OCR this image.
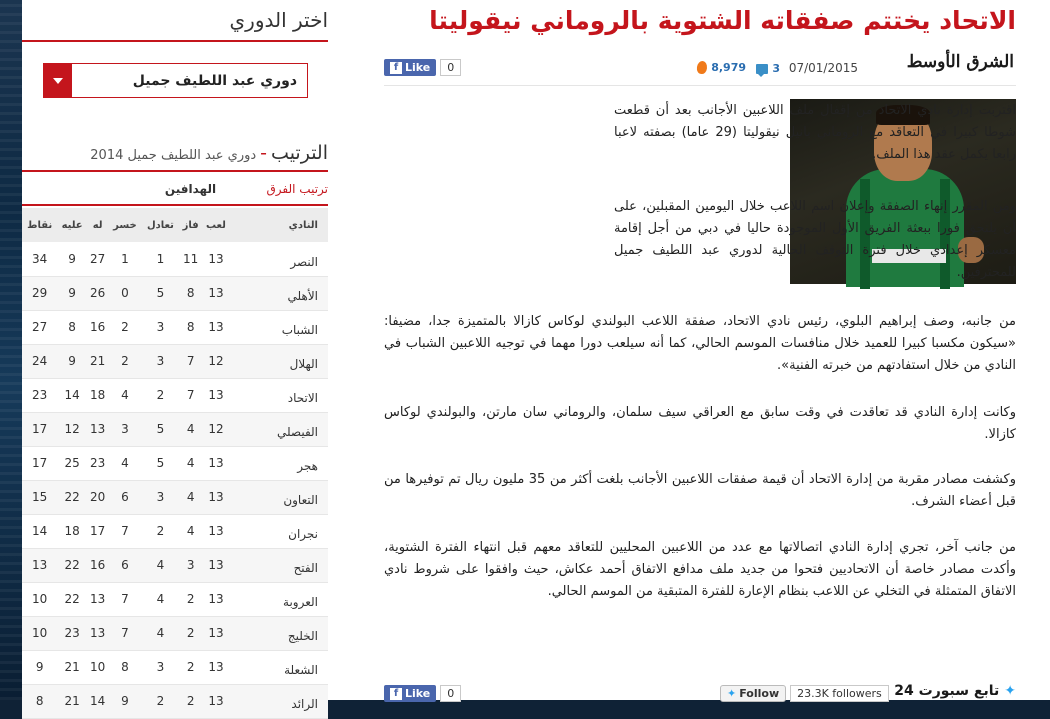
اختر الدوري
دوري عبد اللطيف جميل
الترتيب
-
دوري عبد اللطيف جميل 2014
ترتيب الفرق
الهدافين
النادي	لعب	فاز	تعادل	خسر	له	عليه	نقاط
النصر	13	11	1	1	27	9	34
الأهلي	13	8	5	0	26	9	29
الشباب	13	8	3	2	16	8	27
الهلال	12	7	3	2	21	9	24
الاتحاد	13	7	2	4	18	14	23
الفيصلي	12	4	5	3	13	12	17
هجر	13	4	5	4	23	25	17
التعاون	13	4	3	6	20	22	15
نجران	13	4	2	7	17	18	14
الفتح	13	3	4	6	16	22	13
العروبة	13	2	4	7	13	22	10
الخليج	13	2	4	7	13	23	10
الشعلة	13	2	3	8	10	21	9
الرائد	13	2	2	9	14	21	8
الاتحاد يختتم صفقاته الشتوية بالروماني نيقوليتا
الشرق الأوسط
07/01/2015
3
8,979
f Like	0

اقتربت إدارة نادي الاتحاد من إقفال ملف اللاعبين الأجانب بعد أن قطعت شوطا كبيرا في التعاقد مع الروماني بانيل نيقوليتا (29 عاما) بصفته لاعبا رابعا يكمل عقد هذا الملف.

ومن المقرر إنهاء الصفقة وإعلان اسم اللاعب خلال اليومين المقبلين، على أن يلتحق فورا ببعثة الفريق الأول الموجودة حاليا في دبي من أجل إقامة معسكر إعدادي خلال فترة التوقف الحالية لدوري عبد اللطيف جميل للمحترفين.

من جانبه، وصف إبراهيم البلوي، رئيس نادي الاتحاد، صفقة اللاعب البولندي لوكاس كازالا بالمتميزة جدا، مضيفا: «سيكون مكسبا كبيرا للعميد خلال منافسات الموسم الحالي، كما أنه سيلعب دورا مهما في توجيه اللاعبين الشباب في النادي من خلال استفادتهم من خبرته الفنية».

وكانت إدارة النادي قد تعاقدت في وقت سابق مع العراقي سيف سلمان، والروماني سان مارتن، والبولندي لوكاس كازالا.

وكشفت مصادر مقربة من إدارة الاتحاد أن قيمة صفقات اللاعبين الأجانب بلغت أكثر من 35 مليون ريال تم توفيرها من قبل أعضاء الشرف.

من جانب آخر، تجري إدارة النادي اتصالاتها مع عدد من اللاعبين المحليين للتعاقد معهم قبل انتهاء الفترة الشتوية، وأكدت مصادر خاصة أن الاتحاديين فتحوا من جديد ملف مدافع الاتفاق أحمد عكاش، حيث وافقوا على شروط نادي الاتفاق المتمثلة في التخلي عن اللاعب بنظام الإعارة للفترة المتبقية من الموسم الحالي.

f Like	0	✦ Follow	23.3K followers	✦
تابع سبورت 24
